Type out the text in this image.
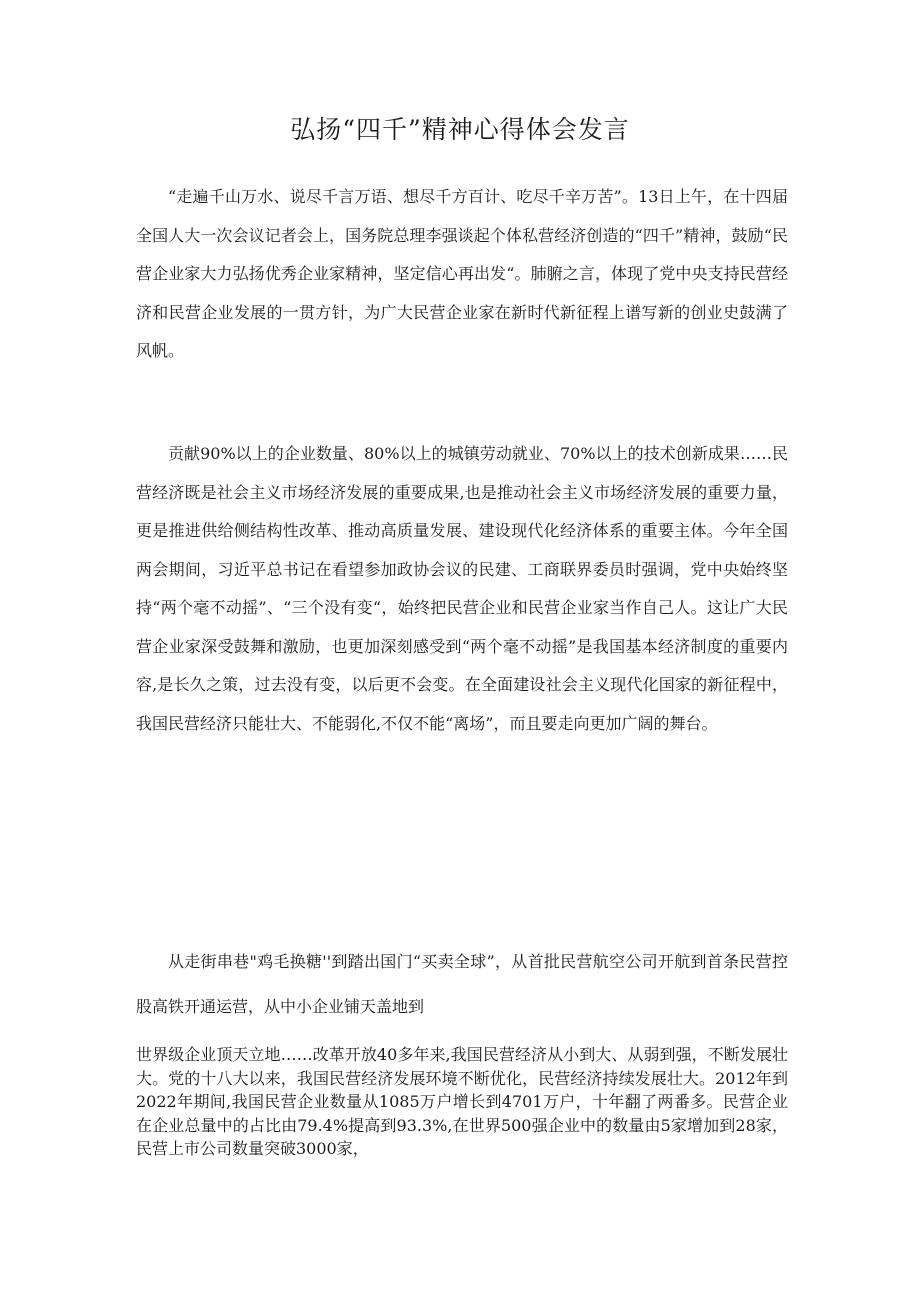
弘扬“四千”精神心得体会发言

“走遍千山万水、说尽千言万语、想尽千方百计、吃尽千辛万苦”。13日上午，在十四届全国人大一次会议记者会上，国务院总理李强谈起个体私营经济创造的“四千”精神，鼓励“民营企业家大力弘扬优秀企业家精神，坚定信心再出发“。肺腑之言，体现了党中央支持民营经济和民营企业发展的一贯方针，为广大民营企业家在新时代新征程上谱写新的创业史鼓满了风帆。

贡献90%以上的企业数量、80%以上的城镇劳动就业、70%以上的技术创新成果……民营经济既是社会主义市场经济发展的重要成果,也是推动社会主义市场经济发展的重要力量，更是推进供给侧结构性改革、推动高质量发展、建设现代化经济体系的重要主体。今年全国两会期间，习近平总书记在看望参加政协会议的民建、工商联界委员时强调，党中央始终坚持“两个毫不动摇”、“三个没有变“，始终把民营企业和民营企业家当作自己人。这让广大民营企业家深受鼓舞和激励，也更加深刻感受到“两个毫不动摇”是我国基本经济制度的重要内容,是长久之策，过去没有变，以后更不会变。在全面建设社会主义现代化国家的新征程中，我国民营经济只能壮大、不能弱化,不仅不能“离场”，而且要走向更加广阔的舞台。

从走街串巷"鸡毛换糖''到踏出国门“买卖全球”，从首批民营航空公司开航到首条民营控股高铁开通运营，从中小企业铺天盖地到

世界级企业顶天立地……改革开放40多年来,我国民营经济从小到大、从弱到强，不断发展壮大。党的十八大以来，我国民营经济发展环境不断优化，民营经济持续发展壮大。2012年到2022年期间,我国民营企业数量从1085万户增长到4701万户，十年翻了两番多。民营企业在企业总量中的占比由79.4%提高到93.3%,在世界500强企业中的数量由5家增加到28家，民营上市公司数量突破3000家，
